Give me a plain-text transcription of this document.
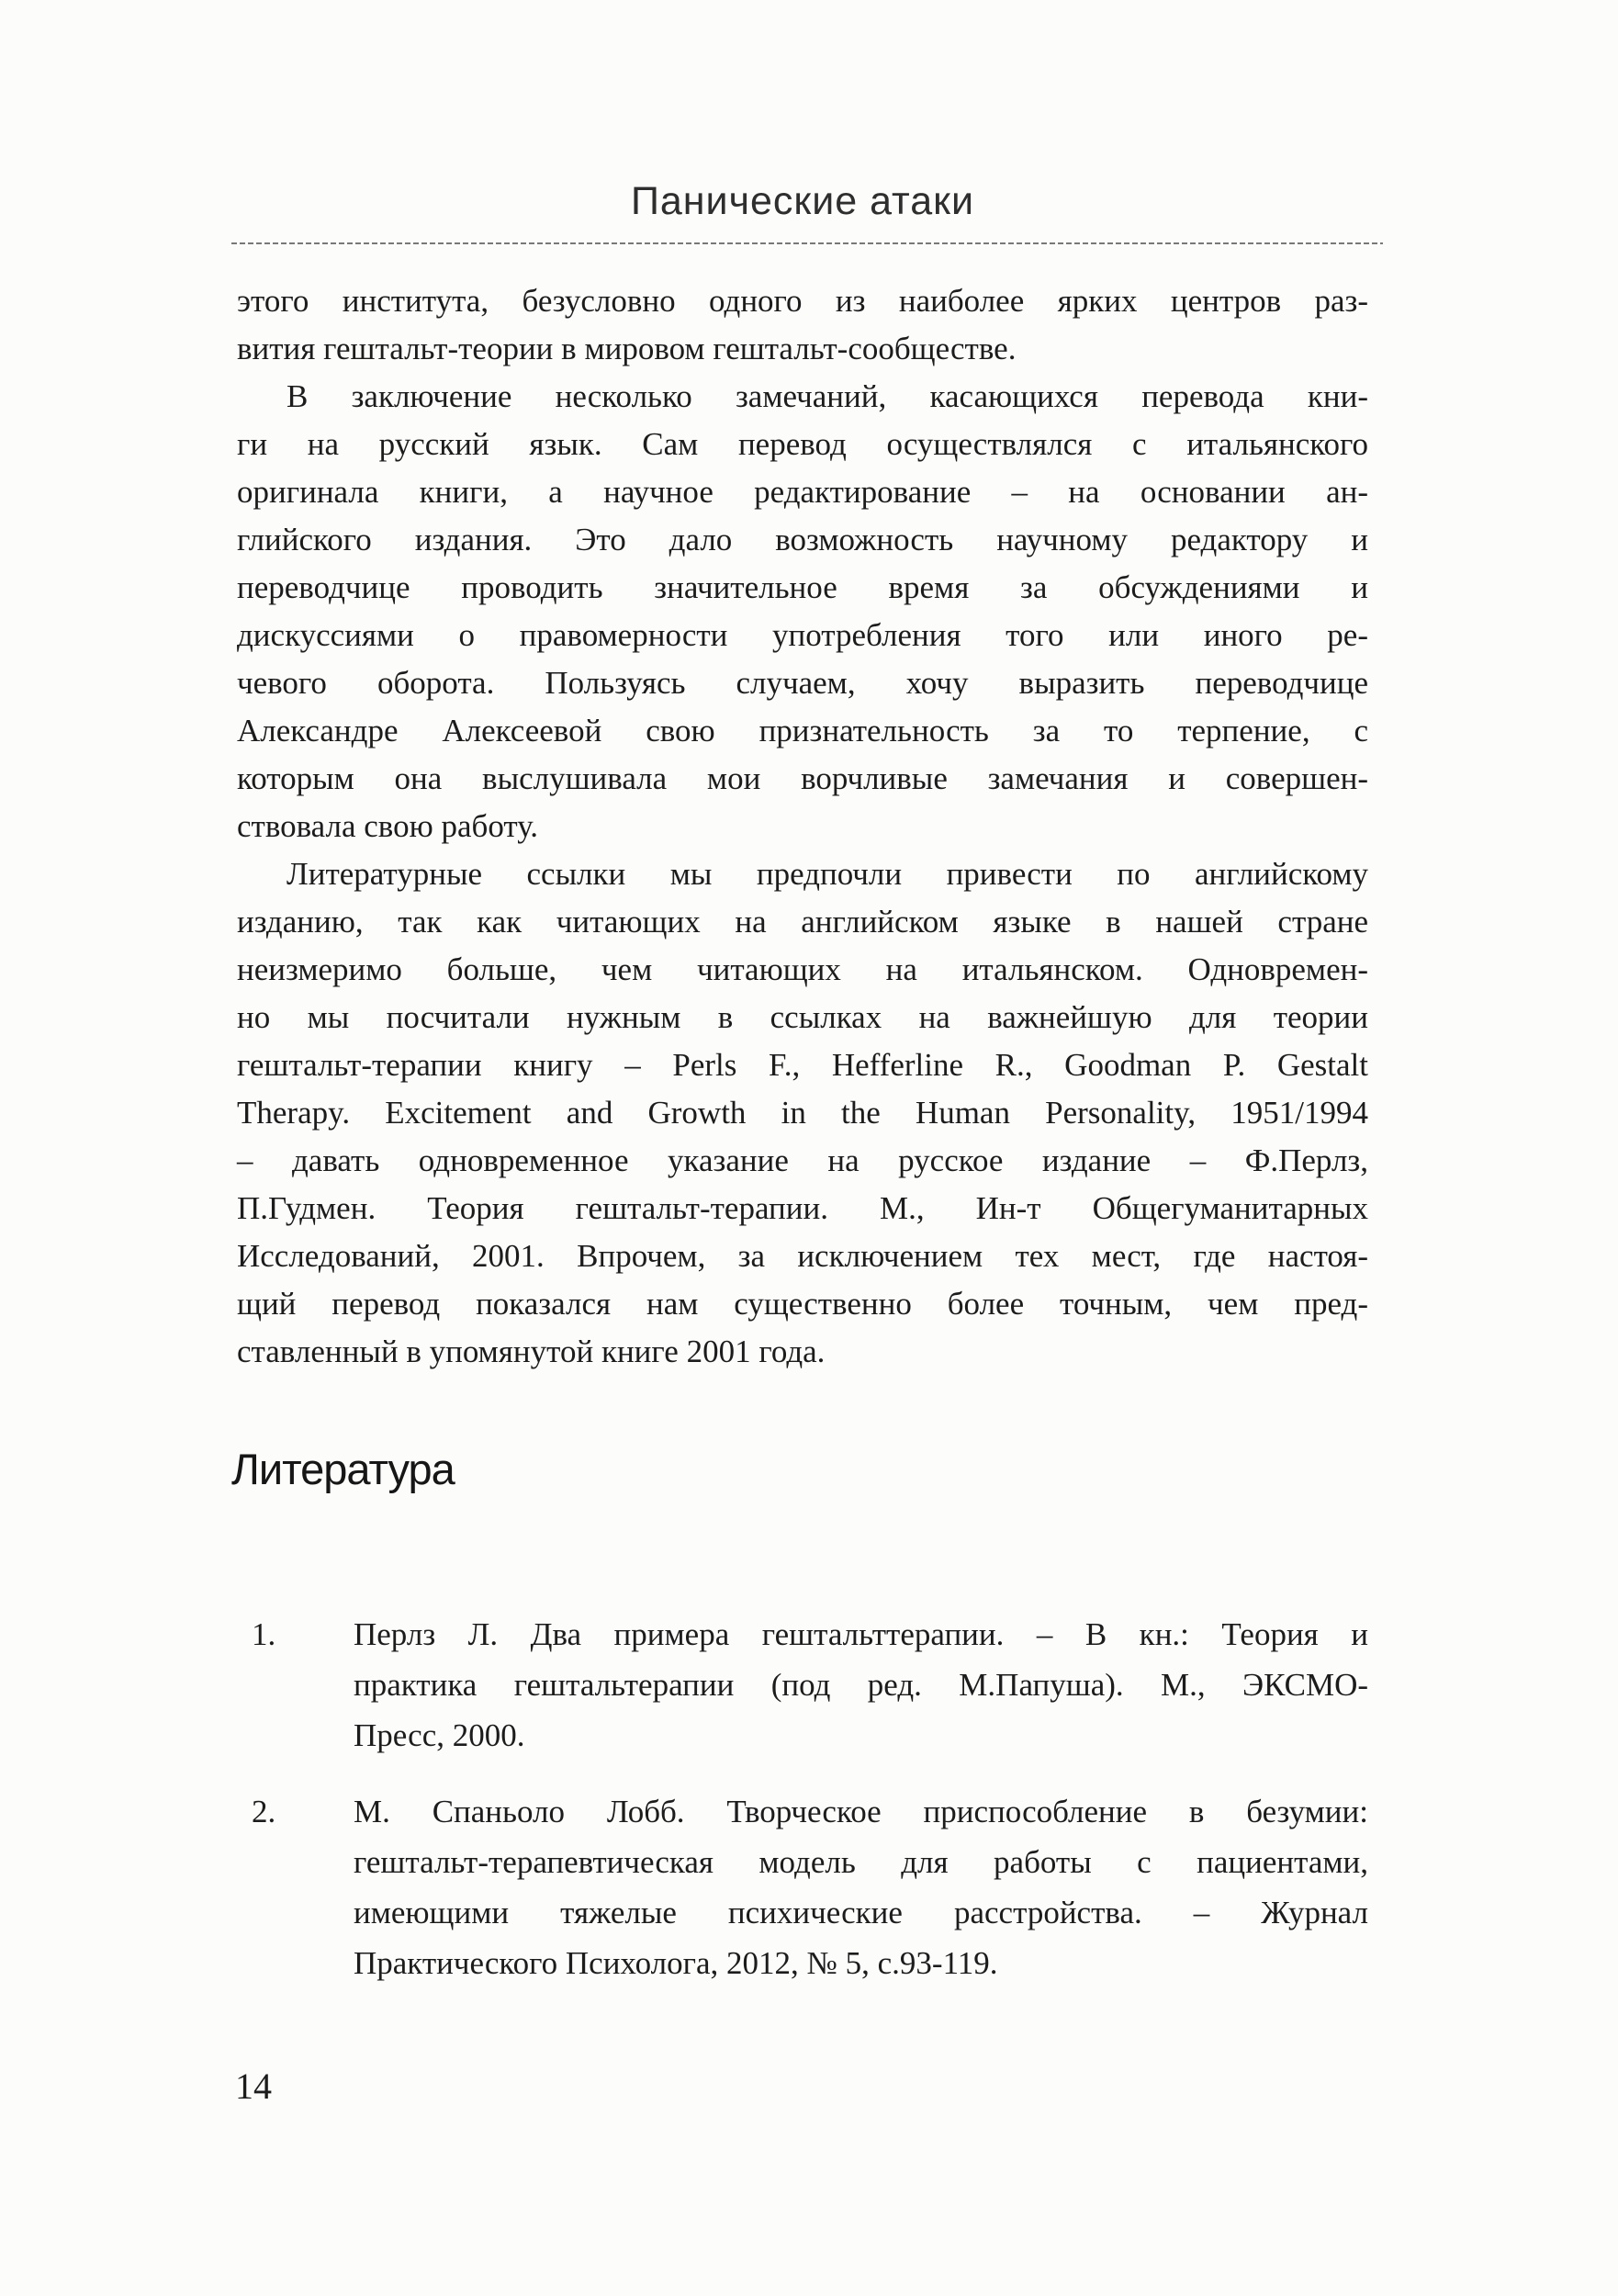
Панические атаки
этого института, безусловно одного из наиболее ярких центров раз-
вития гештальт-теории в мировом гештальт-сообществе.
В заключение несколько замечаний, касающихся перевода кни-
ги на русский язык. Сам перевод осуществлялся с итальянского
оригинала книги, а научное редактирование – на основании ан-
глийского издания. Это дало возможность научному редактору и
переводчице проводить значительное время за обсуждениями и
дискуссиями о правомерности употребления того или иного ре-
чевого оборота. Пользуясь случаем, хочу выразить переводчице
Александре Алексеевой свою признательность за то терпение, с
которым она выслушивала мои ворчливые замечания и совершен-
ствовала свою работу.
Литературные ссылки мы предпочли привести по английскому
изданию, так как читающих на английском языке в нашей стране
неизмеримо больше, чем читающих на итальянском. Одновремен-
но мы посчитали нужным в ссылках на важнейшую для теории
гештальт-терапии книгу – Perls F., Hefferline R., Goodman P. Gestalt
Therapy. Excitement and Growth in the Human Personality, 1951/1994
– давать одновременное указание на русское издание – Ф.Перлз,
П.Гудмен. Теория гештальт-терапии. М., Ин-т Общегуманитарных
Исследований, 2001. Впрочем, за исключением тех мест, где настоя-
щий перевод показался нам существенно более точным, чем пред-
ставленный в упомянутой книге 2001 года.
Литература
1. Перлз Л. Два примера гештальттерапии. – В кн.: Теория и
практика гештальтерапии (под ред. М.Папуша). М., ЭКСМО-
Пресс, 2000.
2. М. Спаньоло Лобб. Творческое приспособление в безумии:
гештальт-терапевтическая модель для работы с пациентами,
имеющими тяжелые психические расстройства. – Журнал
Практического Психолога, 2012, № 5, с.93-119.
14
